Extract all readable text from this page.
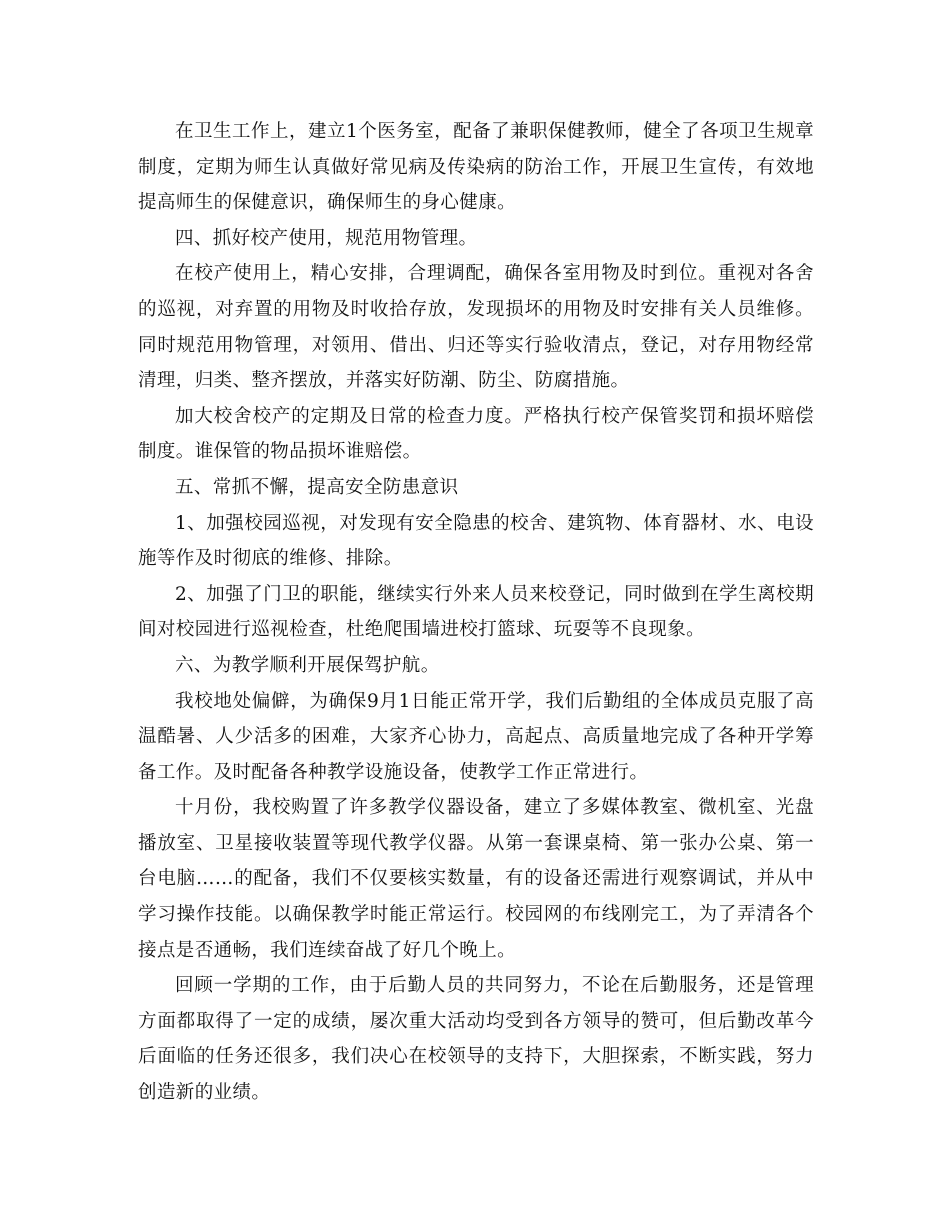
在卫生工作上，建立1个医务室，配备了兼职保健教师，健全了各项卫生规章制度，定期为师生认真做好常见病及传染病的防治工作，开展卫生宣传，有效地提高师生的保健意识，确保师生的身心健康。

四、抓好校产使用，规范用物管理。

在校产使用上，精心安排，合理调配，确保各室用物及时到位。重视对各舍的巡视，对弃置的用物及时收拾存放，发现损坏的用物及时安排有关人员维修。同时规范用物管理，对领用、借出、归还等实行验收清点，登记，对存用物经常清理，归类、整齐摆放，并落实好防潮、防尘、防腐措施。

加大校舍校产的定期及日常的检查力度。严格执行校产保管奖罚和损坏赔偿制度。谁保管的物品损坏谁赔偿。

五、常抓不懈，提高安全防患意识

1、加强校园巡视，对发现有安全隐患的校舍、建筑物、体育器材、水、电设施等作及时彻底的维修、排除。

2、加强了门卫的职能，继续实行外来人员来校登记，同时做到在学生离校期间对校园进行巡视检查，杜绝爬围墙进校打篮球、玩耍等不良现象。

六、为教学顺利开展保驾护航。

我校地处偏僻，为确保9月1日能正常开学，我们后勤组的全体成员克服了高温酷暑、人少活多的困难，大家齐心协力，高起点、高质量地完成了各种开学筹备工作。及时配备各种教学设施设备，使教学工作正常进行。

十月份，我校购置了许多教学仪器设备，建立了多媒体教室、微机室、光盘播放室、卫星接收装置等现代教学仪器。从第一套课桌椅、第一张办公桌、第一台电脑……的配备，我们不仅要核实数量，有的设备还需进行观察调试，并从中学习操作技能。以确保教学时能正常运行。校园网的布线刚完工，为了弄清各个接点是否通畅，我们连续奋战了好几个晚上。

回顾一学期的工作，由于后勤人员的共同努力，不论在后勤服务，还是管理方面都取得了一定的成绩，屡次重大活动均受到各方领导的赞可，但后勤改革今后面临的任务还很多，我们决心在校领导的支持下，大胆探索，不断实践，努力创造新的业绩。
